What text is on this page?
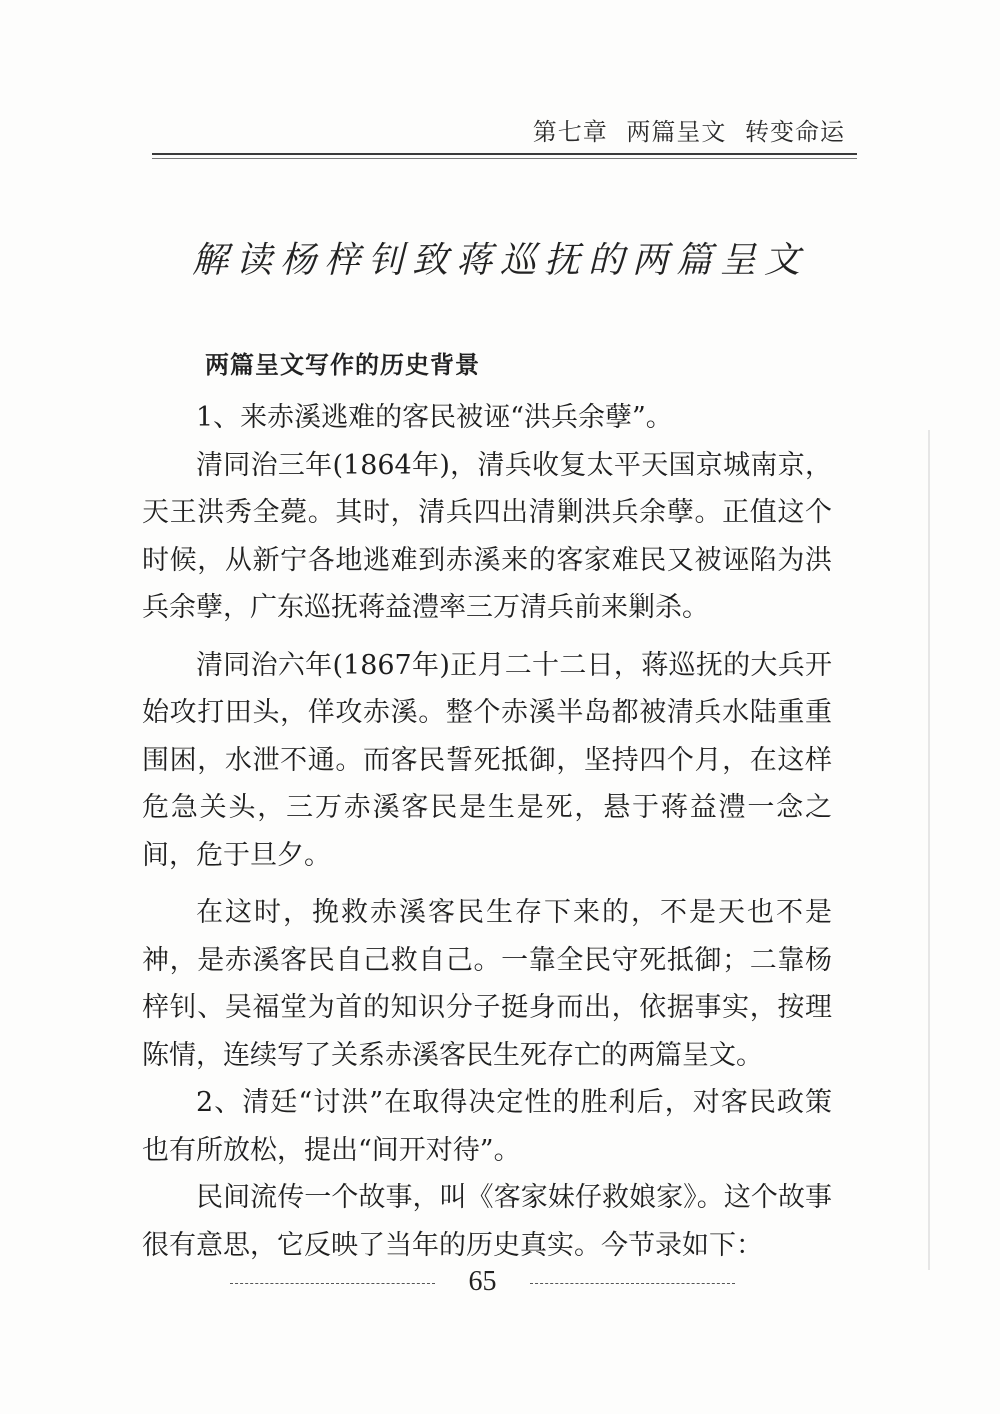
第七章 两篇呈文 转变命运
解读杨梓钊致蒋巡抚的两篇呈文
两篇呈文写作的历史背景

1、来赤溪逃难的客民被诬“洪兵余孽”。

清同治三年(1864年)，清兵收复太平天国京城南京，天王洪秀全薨。其时，清兵四出清剿洪兵余孽。正值这个时候，从新宁各地逃难到赤溪来的客家难民又被诬陷为洪兵余孽，广东巡抚蒋益澧率三万清兵前来剿杀。

清同治六年(1867年)正月二十二日，蒋巡抚的大兵开始攻打田头，佯攻赤溪。整个赤溪半岛都被清兵水陆重重围困，水泄不通。而客民誓死抵御，坚持四个月，在这样危急关头，三万赤溪客民是生是死，悬于蒋益澧一念之间，危于旦夕。

在这时，挽救赤溪客民生存下来的，不是天也不是神，是赤溪客民自己救自己。一靠全民守死抵御；二靠杨梓钊、吴福堂为首的知识分子挺身而出，依据事实，按理陈情，连续写了关系赤溪客民生死存亡的两篇呈文。

2、清廷“讨洪”在取得决定性的胜利后，对客民政策也有所放松，提出“间开对待”。

民间流传一个故事，叫《客家妹仔救娘家》。这个故事很有意思，它反映了当年的历史真实。今节录如下：

65
